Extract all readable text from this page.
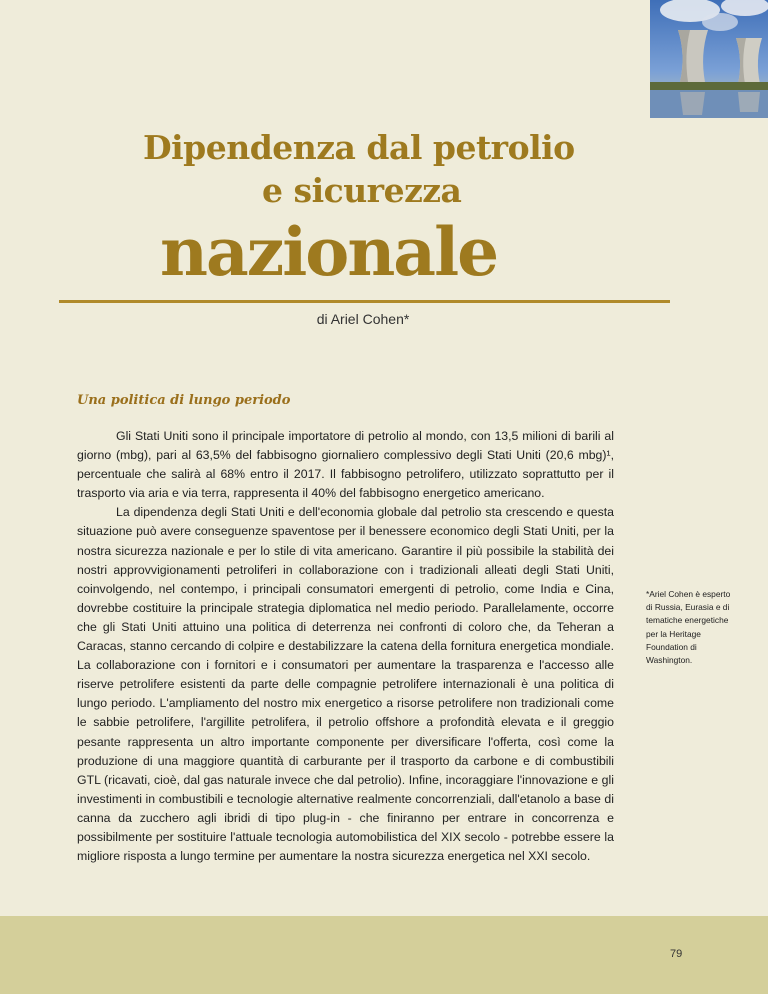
Dipendenza dal petrolio
e sicurezza
nazionale
di Ariel Cohen*
Una politica di lungo periodo

Gli Stati Uniti sono il principale importatore di petrolio al mondo, con 13,5 milioni di barili al giorno (mbg), pari al 63,5% del fabbisogno giornaliero complessivo degli Stati Uniti (20,6 mbg)¹, percentuale che salirà al 68% entro il 2017. Il fabbisogno petrolifero, utilizzato soprattutto per il trasporto via aria e via terra, rappresenta il 40% del fabbisogno energetico americano.

La dipendenza degli Stati Uniti e dell'economia globale dal petrolio sta crescendo e questa situazione può avere conseguenze spaventose per il benessere economico degli Stati Uniti, per la nostra sicurezza nazionale e per lo stile di vita americano. Garantire il più possibile la stabilità dei nostri approvvigionamenti petroliferi in collaborazione con i tradizionali alleati degli Stati Uniti, coinvolgendo, nel contempo, i principali consumatori emergenti di petrolio, come India e Cina, dovrebbe costituire la principale strategia diplomatica nel medio periodo. Parallelamente, occorre che gli Stati Uniti attuino una politica di deterrenza nei confronti di coloro che, da Teheran a Caracas, stanno cercando di colpire e destabilizzare la catena della fornitura energetica mondiale. La collaborazione con i fornitori e i consumatori per aumentare la trasparenza e l'accesso alle riserve petrolifere esistenti da parte delle compagnie petrolifere internazionali è una politica di lungo periodo. L'ampliamento del nostro mix energetico a risorse petrolifere non tradizionali come le sabbie petrolifere, l'argillite petrolifera, il petrolio offshore a profondità elevata e il greggio pesante rappresenta un altro importante componente per diversificare l'offerta, così come la produzione di una maggiore quantità di carburante per il trasporto da carbone e di combustibili GTL (ricavati, cioè, dal gas naturale invece che dal petrolio). Infine, incoraggiare l'innovazione e gli investimenti in combustibili e tecnologie alternative realmente concorrenziali, dall'etanolo a base di canna da zucchero agli ibridi di tipo plug-in - che finiranno per entrare in concorrenza e possibilmente per sostituire l'attuale tecnologia automobilistica del XIX secolo - potrebbe essere la migliore risposta a lungo termine per aumentare la nostra sicurezza energetica nel XXI secolo.

*Ariel Cohen è esperto di Russia, Eurasia e di tematiche energetiche per la Heritage Foundation di Washington.
79
